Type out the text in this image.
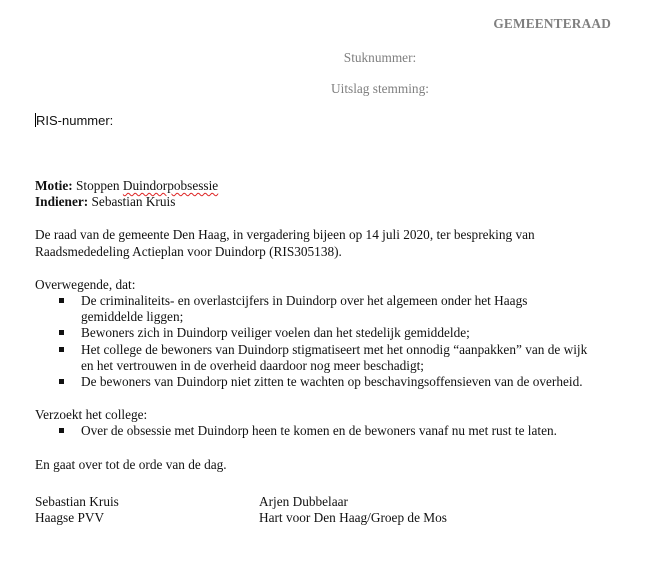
GEMEENTERAAD
Stuknummer:
Uitslag stemming:
RIS-nummer:
Motie: Stoppen Duindorpobsessie
Indiener: Sebastian Kruis
De raad van de gemeente Den Haag, in vergadering bijeen op 14 juli 2020, ter bespreking van
Raadsmededeling Actieplan voor Duindorp (RIS305138).
Overwegende, dat:
De criminaliteits- en overlastcijfers in Duindorp over het algemeen onder het Haags
gemiddelde liggen;
Bewoners zich in Duindorp veiliger voelen dan het stedelijk gemiddelde;
Het college de bewoners van Duindorp stigmatiseert met het onnodig “aanpakken” van de wijk
en het vertrouwen in de overheid daardoor nog meer beschadigt;
De bewoners van Duindorp niet zitten te wachten op beschavingsoffensieven van de overheid.
Verzoekt het college:
Over de obsessie met Duindorp heen te komen en de bewoners vanaf nu met rust te laten.
En gaat over tot de orde van de dag.
Sebastian Kruis
Haagse PVV
Arjen Dubbelaar
Hart voor Den Haag/Groep de Mos
